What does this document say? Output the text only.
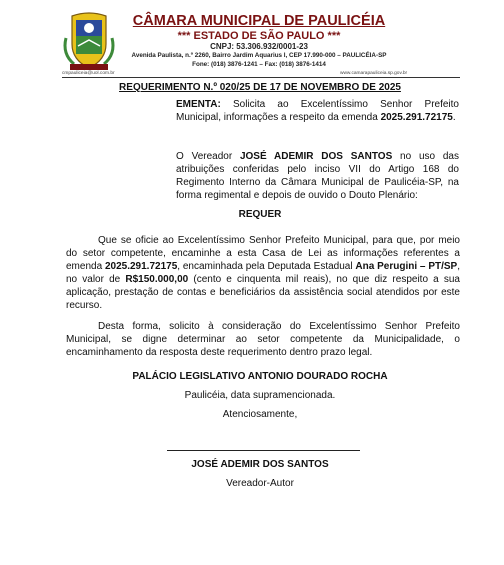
CÂMARA MUNICIPAL DE PAULICÉIA
*** ESTADO DE SÃO PAULO ***
CNPJ: 53.306.932/0001-23
Avenida Paulista, n.º 2260, Bairro Jardim Aquarius I, CEP 17.990-000 – PAULICÉIA-SP
Fone: (018) 3876-1241 – Fax: (018) 3876-1414
cmpauliceia@uol.com.br	www.camarapauliceia.sp.gov.br
REQUERIMENTO N.º 020/25 DE 17 DE NOVEMBRO DE 2025
EMENTA: Solicita ao Excelentíssimo Senhor Prefeito Municipal, informações a respeito da emenda 2025.291.72175.
O Vereador JOSÉ ADEMIR DOS SANTOS no uso das atribuições conferidas pelo inciso VII do Artigo 168 do Regimento Interno da Câmara Municipal de Paulicéia-SP, na forma regimental e depois de ouvido o Douto Plenário:
REQUER
Que se oficie ao Excelentíssimo Senhor Prefeito Municipal, para que, por meio do setor competente, encaminhe a esta Casa de Lei as informações referentes a emenda 2025.291.72175, encaminhada pela Deputada Estadual Ana Perugini – PT/SP, no valor de R$150.000,00 (cento e cinquenta mil reais), no que diz respeito a sua aplicação, prestação de contas e beneficiários da assistência social atendidos por este recurso.
Desta forma, solicito à consideração do Excelentíssimo Senhor Prefeito Municipal, se digne determinar ao setor competente da Municipalidade, o encaminhamento da resposta deste requerimento dentro prazo legal.
PALÁCIO LEGISLATIVO ANTONIO DOURADO ROCHA
Paulicéia, data supramencionada.
Atenciosamente,
JOSÉ ADEMIR DOS SANTOS
Vereador-Autor
